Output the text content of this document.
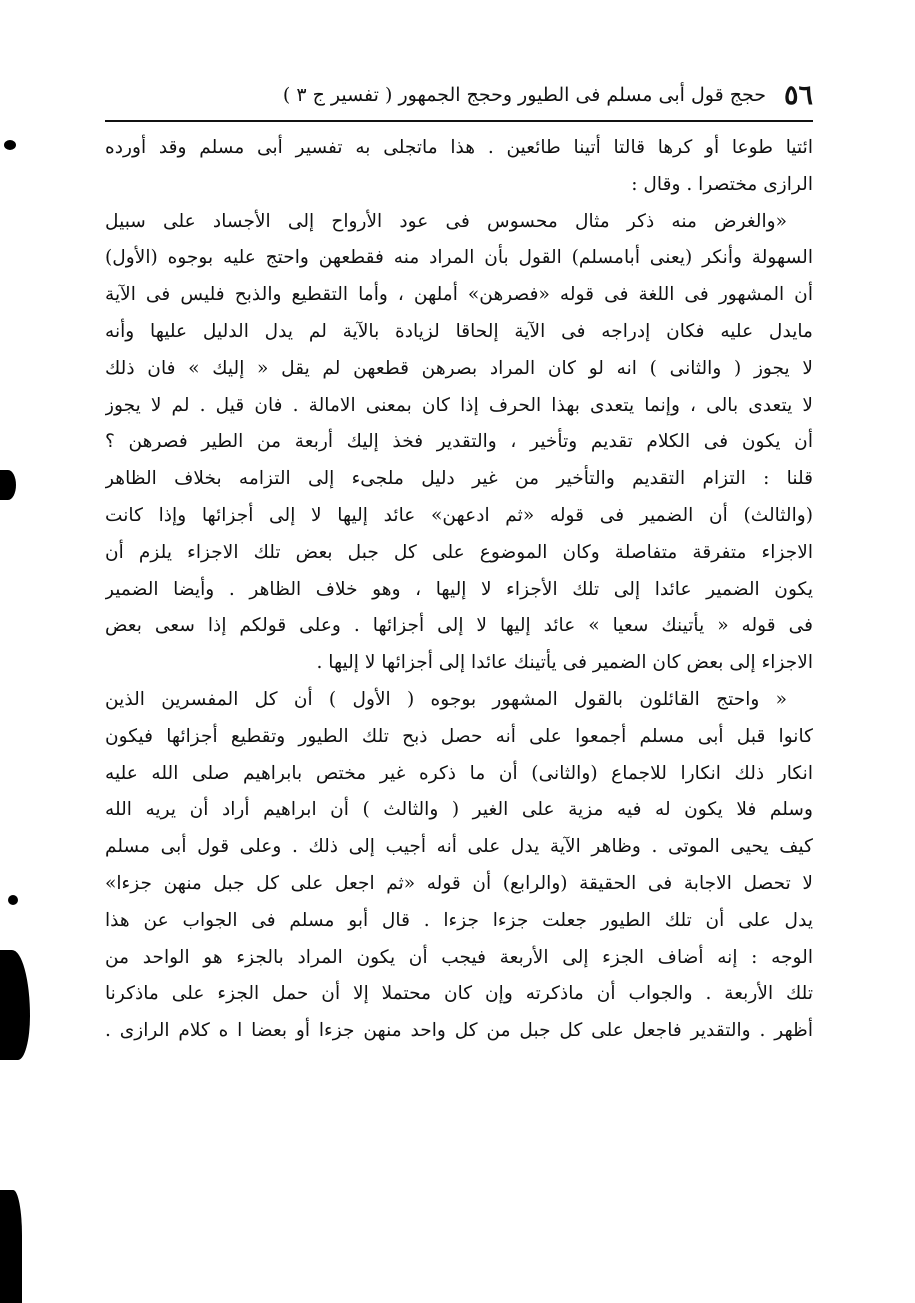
٥٦
حجج قول أبى مسلم فى الطيور وحجج الجمهور ( تفسير ج ٣ )
ائتيا طوعا أو كرها قالتا أتينا طائعين . هذا ماتجلى به تفسير أبى مسلم وقد أورده
الرازى مختصرا . وقال :
«والغرض منه ذكر مثال محسوس فى عود الأرواح إلى الأجساد على سبيل
السهولة وأنكر (يعنى أبامسلم) القول بأن المراد منه فقطعهن واحتج عليه بوجوه (الأول)
أن المشهور فى اللغة فى قوله «فصرهن» أملهن ، وأما التقطيع والذبح فليس فى الآية
مايدل عليه فكان إدراجه فى الآية إلحاقا لزيادة بالآية لم يدل الدليل عليها وأنه
لا يجوز ( والثانى ) انه لو كان المراد بصرهن قطعهن لم يقل « إليك » فان ذلك
لا يتعدى بالى ، وإنما يتعدى بهذا الحرف إذا كان بمعنى الامالة . فان قيل . لم لا يجوز
أن يكون فى الكلام تقديم وتأخير ، والتقدير فخذ إليك أربعة من الطير فصرهن ؟
قلنا : التزام التقديم والتأخير من غير دليل ملجىء إلى التزامه بخلاف الظاهر
(والثالث) أن الضمير فى قوله «ثم ادعهن» عائد إليها لا إلى أجزائها وإذا كانت
الاجزاء متفرقة متفاصلة وكان الموضوع على كل جبل بعض تلك الاجزاء يلزم أن
يكون الضمير عائدا إلى تلك الأجزاء لا إليها ، وهو خلاف الظاهر . وأيضا الضمير
فى قوله « يأتينك سعيا » عائد إليها لا إلى أجزائها . وعلى قولكم إذا سعى بعض
الاجزاء إلى بعض كان الضمير فى يأتينك عائدا إلى أجزائها لا إليها .
« واحتج القائلون بالقول المشهور بوجوه ( الأول ) أن كل المفسرين الذين
كانوا قبل أبى مسلم أجمعوا على أنه حصل ذبح تلك الطيور وتقطيع أجزائها فيكون
انكار ذلك انكارا للاجماع (والثانى) أن ما ذكره غير مختص بابراهيم صلى الله عليه
وسلم فلا يكون له فيه مزية على الغير ( والثالث ) أن ابراهيم أراد أن يريه الله
كيف يحيى الموتى . وظاهر الآية يدل على أنه أجيب إلى ذلك . وعلى قول أبى مسلم
لا تحصل الاجابة فى الحقيقة (والرابع) أن قوله «ثم اجعل على كل جبل منهن جزءا»
يدل على أن تلك الطيور جعلت جزءا جزءا . قال أبو مسلم فى الجواب عن هذا
الوجه : إنه أضاف الجزء إلى الأربعة فيجب أن يكون المراد بالجزء هو الواحد من
تلك الأربعة . والجواب أن ماذكرته وإن كان محتملا إلا أن حمل الجزء على ماذكرنا
أظهر . والتقدير فاجعل على كل جبل من كل واحد منهن جزءا أو بعضا ا ه كلام الرازى .
